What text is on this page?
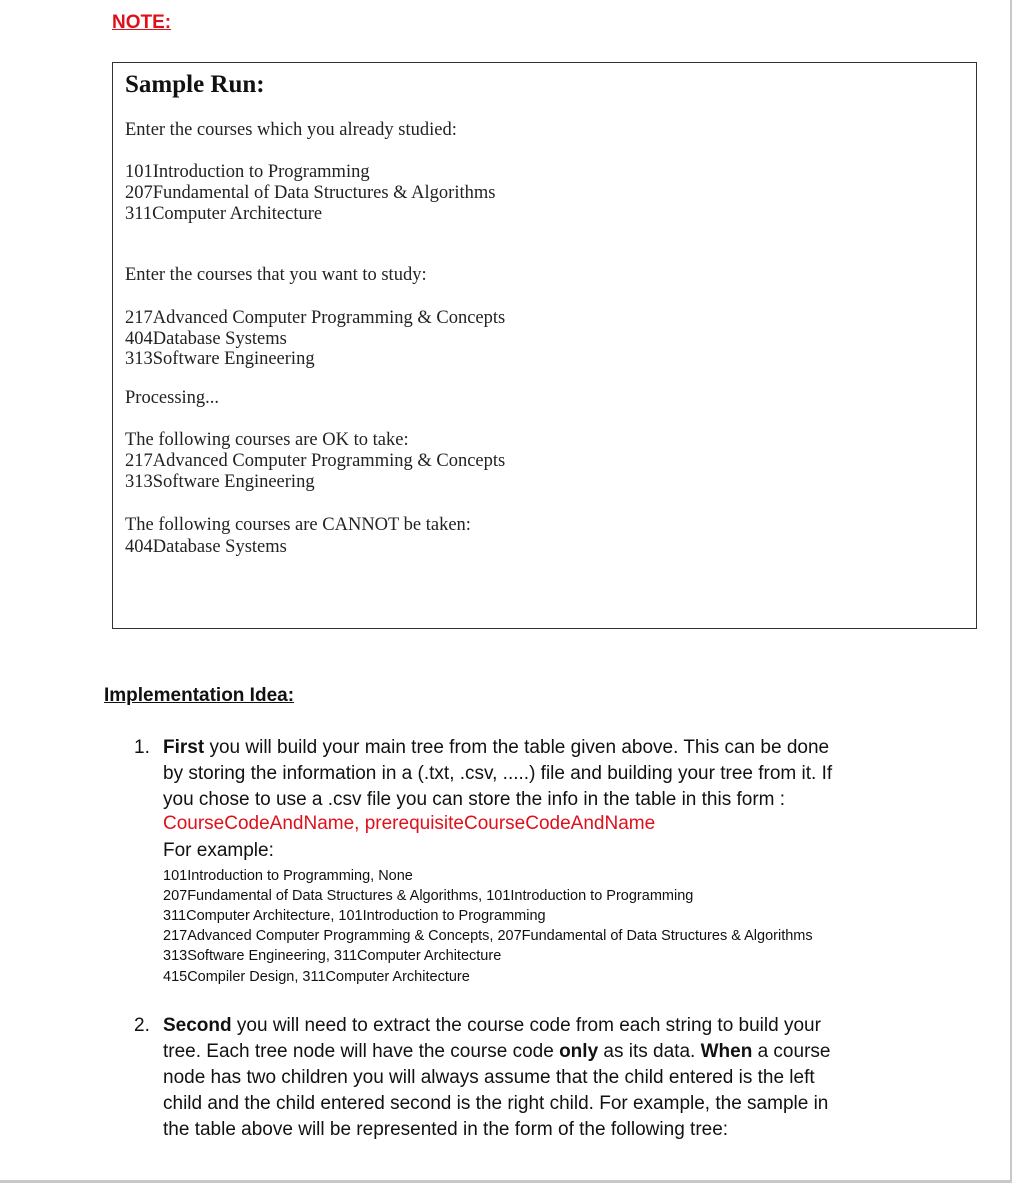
NOTE:
Sample Run:
Enter the courses which you already studied:
101Introduction to Programming
207Fundamental of Data Structures & Algorithms
311Computer Architecture
Enter the courses that you want to study:
217Advanced Computer Programming & Concepts
404Database Systems
313Software Engineering
Processing...
The following courses are OK to take:
217Advanced Computer Programming & Concepts
313Software Engineering
The following courses are CANNOT be taken:
404Database Systems
Implementation Idea:
1. First you will build your main tree from the table given above. This can be done
by storing the information in a (.txt, .csv, .....) file and building your tree from it. If
you chose to use a .csv file you can store the info in the table in this form :
CourseCodeAndName, prerequisiteCourseCodeAndName
For example:
101Introduction to Programming, None
207Fundamental of Data Structures & Algorithms, 101Introduction to Programming
311Computer Architecture, 101Introduction to Programming
217Advanced Computer Programming & Concepts, 207Fundamental of Data Structures & Algorithms
313Software Engineering, 311Computer Architecture
415Compiler Design, 311Computer Architecture
2. Second you will need to extract the course code from each string to build your
tree. Each tree node will have the course code only as its data. When a course
node has two children you will always assume that the child entered is the left
child and the child entered second is the right child. For example, the sample in
the table above will be represented in the form of the following tree:
